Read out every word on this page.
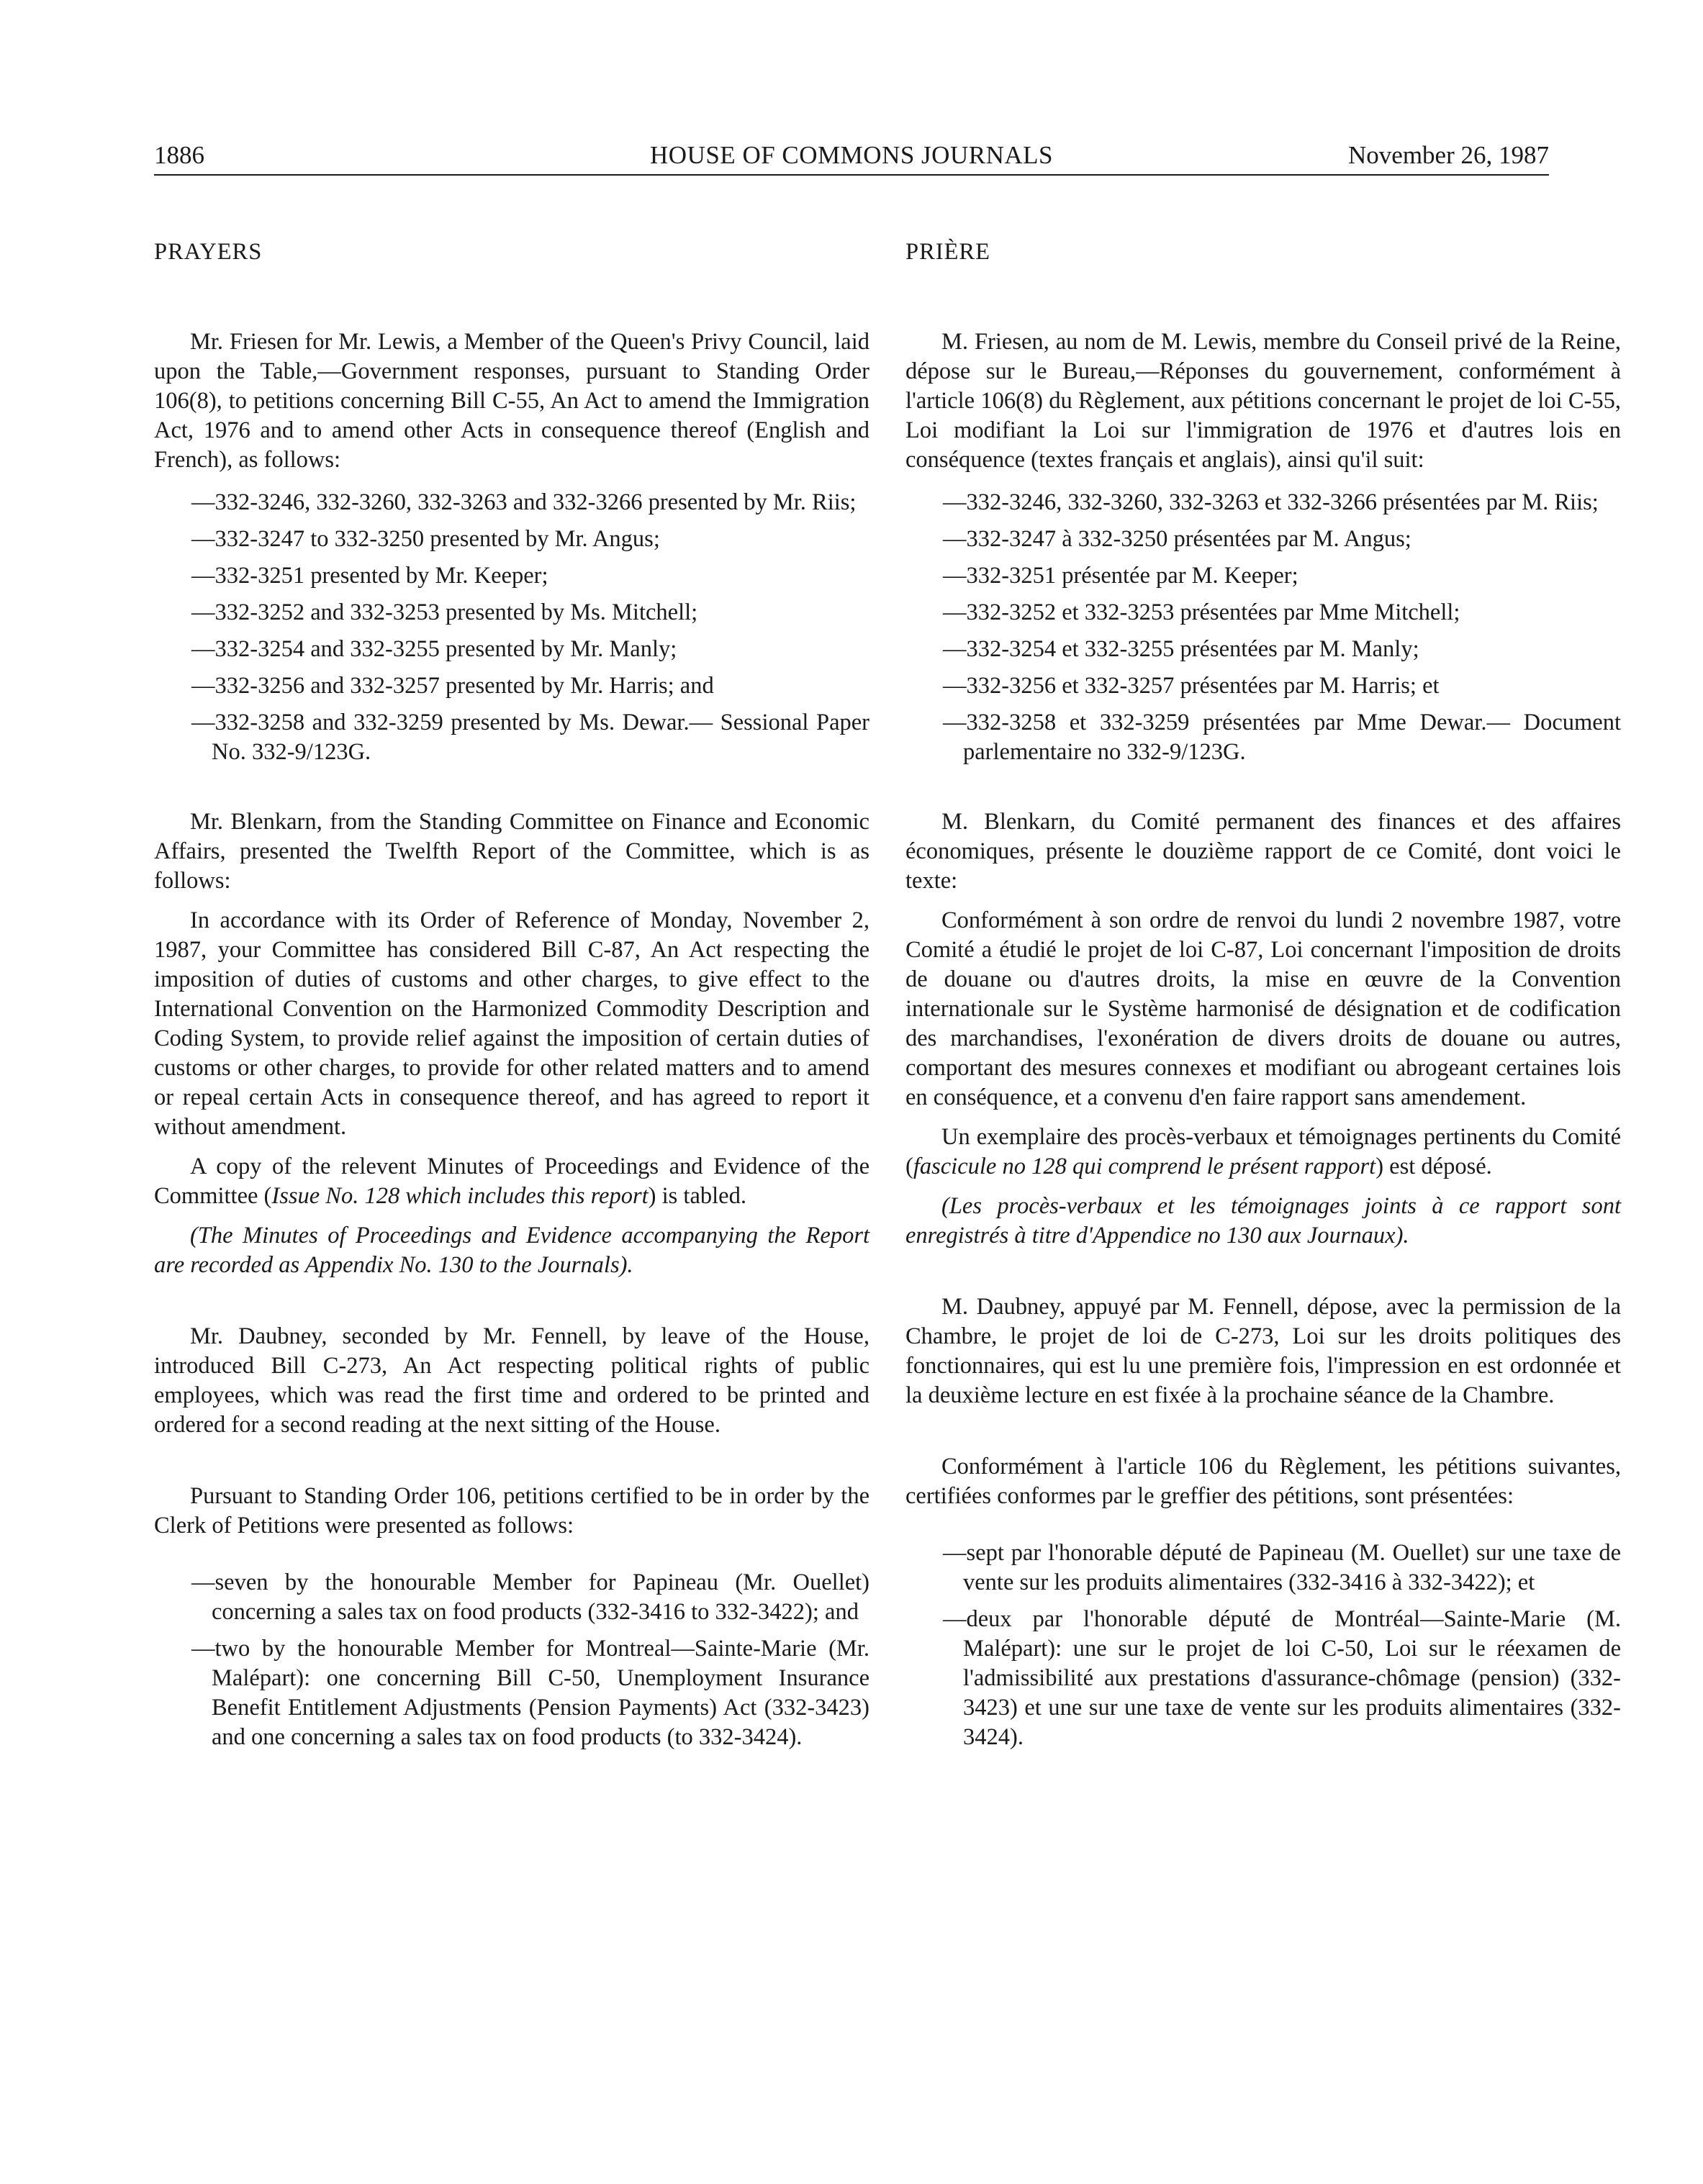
HOUSE OF COMMONS JOURNALS
1886	November 26, 1987

PRAYERS

Mr. Friesen for Mr. Lewis, a Member of the Queen's Privy Council, laid upon the Table,—Government responses, pursuant to Standing Order 106(8), to petitions concerning Bill C-55, An Act to amend the Immigration Act, 1976 and to amend other Acts in consequence thereof (English and French), as follows:

—332-3246, 332-3260, 332-3263 and 332-3266 presented by Mr. Riis;

—332-3247 to 332-3250 presented by Mr. Angus;

—332-3251 presented by Mr. Keeper;

—332-3252 and 332-3253 presented by Ms. Mitchell;

—332-3254 and 332-3255 presented by Mr. Manly;

—332-3256 and 332-3257 presented by Mr. Harris; and

—332-3258 and 332-3259 presented by Ms. Dewar.— Sessional Paper No. 332-9/123G.

Mr. Blenkarn, from the Standing Committee on Finance and Economic Affairs, presented the Twelfth Report of the Committee, which is as follows:

In accordance with its Order of Reference of Monday, November 2, 1987, your Committee has considered Bill C-87, An Act respecting the imposition of duties of customs and other charges, to give effect to the International Convention on the Harmonized Commodity Description and Coding System, to provide relief against the imposition of certain duties of customs or other charges, to provide for other related matters and to amend or repeal certain Acts in consequence thereof, and has agreed to report it without amendment.

A copy of the relevent Minutes of Proceedings and Evidence of the Committee (Issue No. 128 which includes this report) is tabled.

(The Minutes of Proceedings and Evidence accompanying the Report are recorded as Appendix No. 130 to the Journals).

Mr. Daubney, seconded by Mr. Fennell, by leave of the House, introduced Bill C-273, An Act respecting political rights of public employees, which was read the first time and ordered to be printed and ordered for a second reading at the next sitting of the House.

Pursuant to Standing Order 106, petitions certified to be in order by the Clerk of Petitions were presented as follows:

—seven by the honourable Member for Papineau (Mr. Ouellet) concerning a sales tax on food products (332-3416 to 332-3422); and

—two by the honourable Member for Montreal—Sainte-Marie (Mr. Malépart): one concerning Bill C-50, Unemployment Insurance Benefit Entitlement Adjustments (Pension Payments) Act (332-3423) and one concerning a sales tax on food products (to 332-3424).

PRIÈRE

M. Friesen, au nom de M. Lewis, membre du Conseil privé de la Reine, dépose sur le Bureau,—Réponses du gouvernement, conformément à l'article 106(8) du Règlement, aux pétitions concernant le projet de loi C-55, Loi modifiant la Loi sur l'immigration de 1976 et d'autres lois en conséquence (textes français et anglais), ainsi qu'il suit:

—332-3246, 332-3260, 332-3263 et 332-3266 présentées par M. Riis;

—332-3247 à 332-3250 présentées par M. Angus;

—332-3251 présentée par M. Keeper;

—332-3252 et 332-3253 présentées par Mme Mitchell;

—332-3254 et 332-3255 présentées par M. Manly;

—332-3256 et 332-3257 présentées par M. Harris; et

—332-3258 et 332-3259 présentées par Mme Dewar.— Document parlementaire no 332-9/123G.

M. Blenkarn, du Comité permanent des finances et des affaires économiques, présente le douzième rapport de ce Comité, dont voici le texte:

Conformément à son ordre de renvoi du lundi 2 novembre 1987, votre Comité a étudié le projet de loi C-87, Loi concernant l'imposition de droits de douane ou d'autres droits, la mise en œuvre de la Convention internationale sur le Système harmonisé de désignation et de codification des marchandises, l'exonération de divers droits de douane ou autres, comportant des mesures connexes et modifiant ou abrogeant certaines lois en conséquence, et a convenu d'en faire rapport sans amendement.

Un exemplaire des procès-verbaux et témoignages pertinents du Comité (fascicule no 128 qui comprend le présent rapport) est déposé.

(Les procès-verbaux et les témoignages joints à ce rapport sont enregistrés à titre d'Appendice no 130 aux Journaux).

M. Daubney, appuyé par M. Fennell, dépose, avec la permission de la Chambre, le projet de loi de C-273, Loi sur les droits politiques des fonctionnaires, qui est lu une première fois, l'impression en est ordonnée et la deuxième lecture en est fixée à la prochaine séance de la Chambre.

Conformément à l'article 106 du Règlement, les pétitions suivantes, certifiées conformes par le greffier des pétitions, sont présentées:

—sept par l'honorable député de Papineau (M. Ouellet) sur une taxe de vente sur les produits alimentaires (332-3416 à 332-3422); et

—deux par l'honorable député de Montréal—Sainte-Marie (M. Malépart): une sur le projet de loi C-50, Loi sur le réexamen de l'admissibilité aux prestations d'assurance-chômage (pension) (332-3423) et une sur une taxe de vente sur les produits alimentaires (332-3424).
